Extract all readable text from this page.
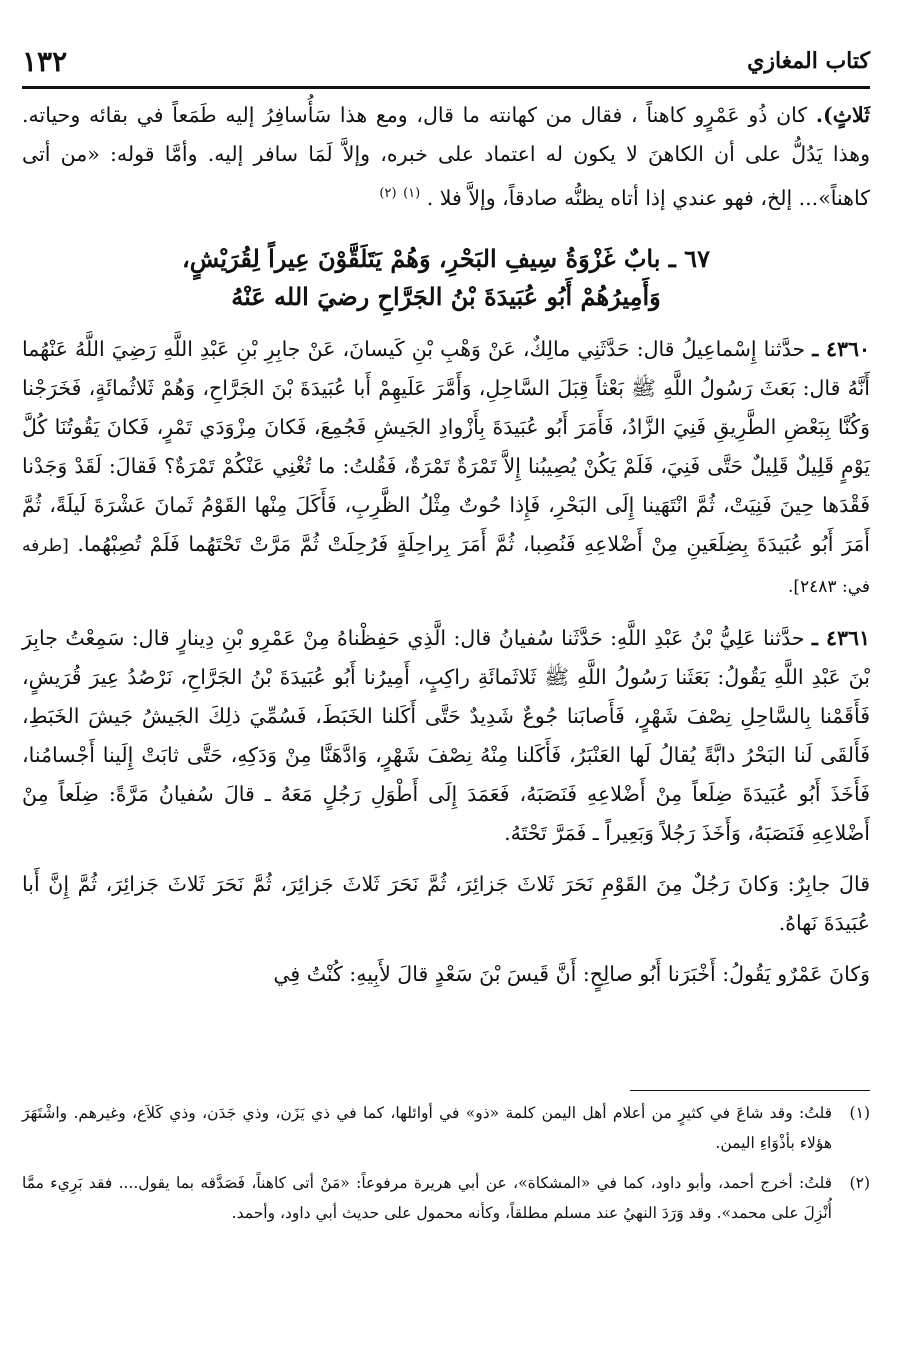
كتاب المغازي
١٣٢

ثَلاثٍ). كان ذُو عَمْرٍو كاهناً ، فقال من كهانته ما قال، ومع هذا سَأُسافِرُ إليه طَمَعاً في بقائه وحياته. وهذا يَدُلُّ على أن الكاهنَ لا يكون له اعتماد على خبره، وإلاَّ لَمَا سافر إليه. وأمَّا قوله: «من أتى كاهناً»... إلخ، فهو عندي إذا أتاه يظنُّه صادقاً، وإلاَّ فلا . $^{(١)}$ $^{(٢)}$

٦٧ ـ بابٌ غَزْوَةُ سِيفِ البَحْرِ، وَهُمْ يَتَلَقَّوْنَ عِيراً لِقُرَيْشٍ،
وَأَمِيرُهُمْ أَبُو عُبَيدَةَ بْنُ الجَرَّاحِ رضيَ الله عَنْهُ

٤٣٦٠ ـ حدَّثنا إِسْماعِيلُ قال: حَدَّثَنِي مالِكٌ، عَنْ وَهْبِ بْنِ كَيسانَ، عَنْ جابِرِ بْنِ عَبْدِ اللَّهِ رَضِيَ اللَّهُ عَنْهُما أَنَّهُ قال: بَعَثَ رَسُولُ اللَّهِ ﷺ بَعْثاً قِبَلَ السَّاحِلِ، وَأَمَّرَ عَلَيهِمْ أَبا عُبَيدَةَ بْنَ الجَرَّاحِ، وَهُمْ ثَلاثُمائَةٍ، فَخَرَجْنا وَكُنَّا بِبَعْضِ الطَّرِيقِ فَنِيَ الزَّادُ، فَأَمَرَ أَبُو عُبَيدَةَ بِأَزْوادِ الجَيشِ فَجُمِعَ، فَكانَ مِزْوَدَي تَمْرٍ، فَكانَ يَقُوتُنَا كُلَّ يَوْمٍ قَلِيلٌ قَلِيلٌ حَتَّى فَنِيَ، فَلَمْ يَكُنْ يُصِيبُنا إِلاَّ تَمْرَةٌ تَمْرَةٌ، فَقُلتُ: ما تُغْنِي عَنْكُمْ تَمْرَةٌ؟ فَقالَ: لَقَدْ وَجَدْنا فَقْدَها حِينَ فَنِيَتْ، ثُمَّ انْتَهَينا إِلَى البَحْرِ، فَإِذا حُوتٌ مِثْلُ الظَّرِبِ، فَأَكَلَ مِنْها القَوْمُ ثَمانَ عَشْرَةَ لَيلَةً، ثُمَّ أَمَرَ أَبُو عُبَيدَةَ بِضِلَعَينِ مِنْ أَضْلاعِهِ فَنُصِبا، ثُمَّ أَمَرَ بِراحِلَةٍ فَرُحِلَتْ ثُمَّ مَرَّتْ تَحْتَهُما فَلَمْ تُصِبْهُما. [طرفه في: ٢٤٨٣].

٤٣٦١ ـ حدَّثنا عَلِيُّ بْنُ عَبْدِ اللَّهِ: حَدَّثَنا سُفيانُ قال: الَّذِي حَفِظْناهُ مِنْ عَمْرِو بْنِ دِينارٍ قال: سَمِعْتُ جابِرَ بْنَ عَبْدِ اللَّهِ يَقُولُ: بَعَثَنا رَسُولُ اللَّهِ ﷺ ثَلاثَمائَةِ راكِبٍ، أَمِيرُنا أَبُو عُبَيدَةَ بْنُ الجَرَّاحِ، نَرْصُدُ عِيرَ قُرَيشٍ، فَأَقَمْنا بِالسَّاحِلِ نِصْفَ شَهْرٍ، فَأَصابَنا جُوعٌ شَدِيدٌ حَتَّى أَكَلنا الخَبَطَ، فَسُمِّيَ ذلِكَ الجَيشُ جَيشَ الخَبَطِ، فَأَلقَى لَنا البَحْرُ دابَّةً يُقالُ لَها العَنْبَرُ، فَأَكَلنا مِنْهُ نِصْفَ شَهْرٍ، وَادَّهَنَّا مِنْ وَدَكِهِ، حَتَّى ثابَتْ إِلَينا أَجْسامُنا، فَأَخَذَ أَبُو عُبَيدَةَ ضِلَعاً مِنْ أَضْلاعِهِ فَنَصَبَهُ، فَعَمَدَ إِلَى أَطْوَلِ رَجُلٍ مَعَهُ ـ قالَ سُفيانُ مَرَّةً: ضِلَعاً مِنْ أَضْلاعِهِ فَنَصَبَهُ، وَأَخَذَ رَجُلاً وَبَعِيراً ـ فَمَرَّ تَحْتَهُ.

قالَ جابِرٌ: وَكانَ رَجُلٌ مِنَ القَوْمِ نَحَرَ ثَلاثَ جَزائِرَ، ثُمَّ نَحَرَ ثَلاثَ جَزائِرَ، ثُمَّ نَحَرَ ثَلاثَ جَزائِرَ، ثُمَّ إِنَّ أَبا عُبَيدَةَ نَهاهُ.

وَكانَ عَمْرٌو يَقُولُ: أَخْبَرَنا أَبُو صالِحٍ: أَنَّ قَيسَ بْنَ سَعْدٍ قالَ لأَبِيهِ: كُنْتُ فِي

(١)
قلتُ: وقد شاعَ في كثيرٍ من أعلام أهل اليمن كلمة «ذو» في أوائلها، كما في ذي يَزَن، وذي جَدَن، وذي كَلاَع، وغيرهم. واشْتَهَرَ هؤلاء بأذْوَاءِ اليمن.
(٢)
قلتُ: أخرج أحمد، وأبو داود، كما في «المشكاة»، عن أبي هريرة مرفوعاً: «مَنْ أتى كاهناً، فَصَدَّقه بما يقول.... فقد بَرِيء ممَّا أُنْزِلَ على محمد». وقد وَرَدَ النهيُ عند مسلم مطلقاً، وكأنه محمول على حديث أبي داود، وأحمد.
